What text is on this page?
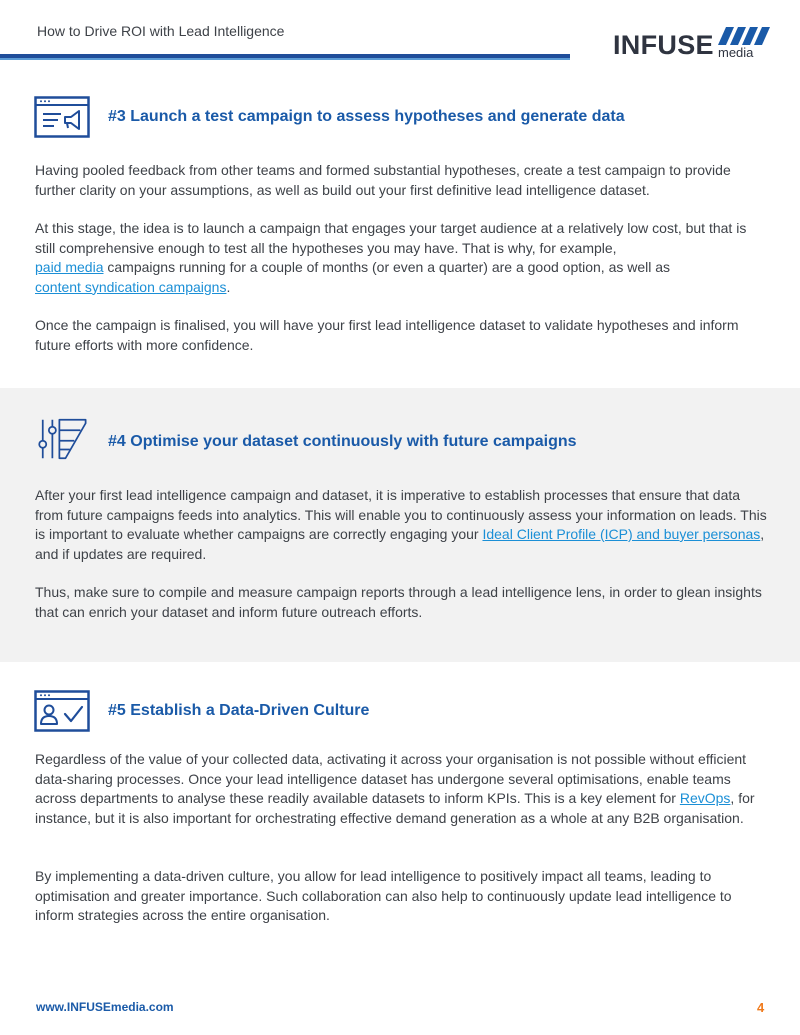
How to Drive ROI with Lead Intelligence	INFUSE media
#3 Launch a test campaign to assess hypotheses and generate data

Having pooled feedback from other teams and formed substantial hypotheses, create a test campaign to provide further clarity on your assumptions, as well as build out your first definitive lead intelligence dataset.

At this stage, the idea is to launch a campaign that engages your target audience at a relatively low cost, but that is still comprehensive enough to test all the hypotheses you may have. That is why, for example,
paid media campaigns running for a couple of months (or even a quarter) are a good option, as well as
content syndication campaigns.

Once the campaign is finalised, you will have your first lead intelligence dataset to validate hypotheses and inform future efforts with more confidence.

#4 Optimise your dataset continuously with future campaigns

After your first lead intelligence campaign and dataset, it is imperative to establish processes that ensure that data from future campaigns feeds into analytics. This will enable you to continuously assess your information on leads. This is important to evaluate whether campaigns are correctly engaging your Ideal Client Profile (ICP) and buyer personas, and if updates are required.

Thus, make sure to compile and measure campaign reports through a lead intelligence lens, in order to glean insights that can enrich your dataset and inform future outreach efforts.

#5 Establish a Data-Driven Culture

Regardless of the value of your collected data, activating it across your organisation is not possible without efficient data-sharing processes. Once your lead intelligence dataset has undergone several optimisations, enable teams across departments to analyse these readily available datasets to inform KPIs. This is a key element for RevOps, for instance, but it is also important for orchestrating effective demand generation as a whole at any B2B organisation.

By implementing a data-driven culture, you allow for lead intelligence to positively impact all teams, leading to optimisation and greater importance. Such collaboration can also help to continuously update lead intelligence to inform strategies across the entire organisation.

www.INFUSEmedia.com	4
